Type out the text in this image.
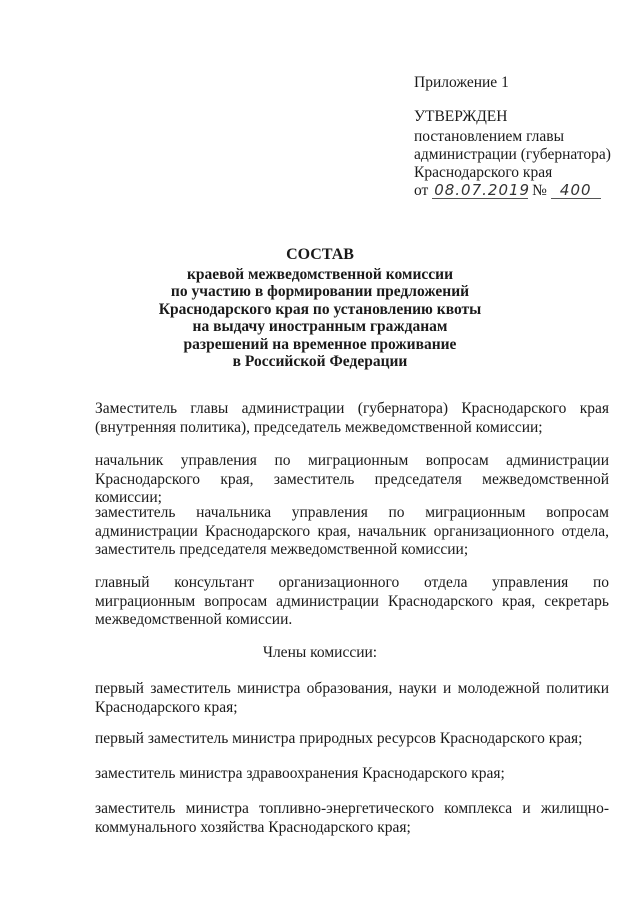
Приложение 1
УТВЕРЖДЕН
постановлением главы
администрации (губернатора)
Краснодарского края
от 08.07.2019 № 400
СОСТАВ
краевой межведомственной комиссии
по участию в формировании предложений
Краснодарского края по установлению квоты
на выдачу иностранным гражданам
разрешений на временное проживание
в Российской Федерации
Заместитель главы администрации (губернатора) Краснодарского края (внутренняя политика), председатель межведомственной комиссии;
начальник управления по миграционным вопросам администрации Краснодарского края, заместитель председателя межведомственной комиссии;
заместитель начальника управления по миграционным вопросам администрации Краснодарского края, начальник организационного отдела, заместитель председателя межведомственной комиссии;
главный консультант организационного отдела управления по миграционным вопросам администрации Краснодарского края, секретарь межведомственной комиссии.
Члены комиссии:
первый заместитель министра образования, науки и молодежной политики Краснодарского края;
первый заместитель министра природных ресурсов Краснодарского края;
заместитель министра здравоохранения Краснодарского края;
заместитель министра топливно-энергетического комплекса и жилищно-коммунального хозяйства Краснодарского края;
